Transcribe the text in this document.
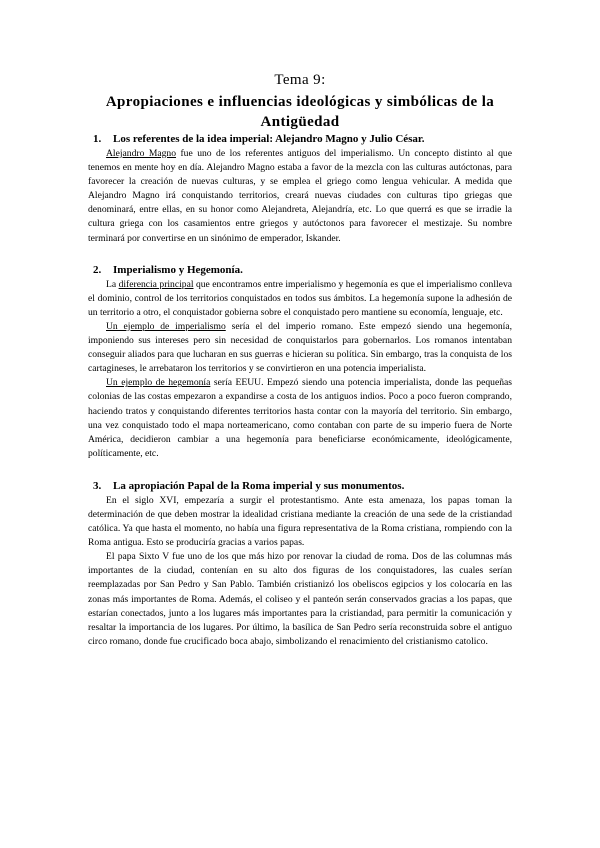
Tema 9:

Apropiaciones e influencias ideológicas y simbólicas de la

Antigüedad

1.	Los referentes de la idea imperial: Alejandro Magno y Julio César.

Alejandro Magno fue uno de los referentes antiguos del imperialismo. Un concepto distinto al que tenemos en mente hoy en día. Alejandro Magno estaba a favor de la mezcla con las culturas autóctonas, para favorecer la creación de nuevas culturas, y se emplea el griego como lengua vehicular. A medida que Alejandro Magno irá conquistando territorios, creará nuevas ciudades con culturas tipo griegas que denominará, entre ellas, en su honor como Alejandreta, Alejandría, etc. Lo que querrá es que se irradie la cultura griega con los casamientos entre griegos y autóctonos para favorecer el mestizaje. Su nombre terminará por convertirse en un sinónimo de emperador, Iskander.

2.	Imperialismo y Hegemonía.

La diferencia principal que encontramos entre imperialismo y hegemonía es que el imperialismo conlleva el dominio, control de los territorios conquistados en todos sus ámbitos. La hegemonía supone la adhesión de un territorio a otro, el conquistador gobierna sobre el conquistado pero mantiene su economía, lenguaje, etc.

Un ejemplo de imperialismo sería el del imperio romano. Este empezó siendo una hegemonía, imponiendo sus intereses pero sin necesidad de conquistarlos para gobernarlos. Los romanos intentaban conseguir aliados para que lucharan en sus guerras e hicieran su política. Sin embargo, tras la conquista de los cartagineses, le arrebataron los territorios y se convirtieron en una potencia imperialista.

Un ejemplo de hegemonía sería EEUU. Empezó siendo una potencia imperialista, donde las pequeñas colonias de las costas empezaron a expandirse a costa de los antiguos indios. Poco a poco fueron comprando, haciendo tratos y conquistando diferentes territorios hasta contar con la mayoría del territorio. Sin embargo, una vez conquistado todo el mapa norteamericano, como contaban con parte de su imperio fuera de Norte América, decidieron cambiar a una hegemonía para beneficiarse económicamente, ideológicamente, políticamente, etc.

3.	La apropiación Papal de la Roma imperial y sus monumentos.

En el siglo XVI, empezaría a surgir el protestantismo. Ante esta amenaza, los papas toman la determinación de que deben mostrar la idealidad cristiana mediante la creación de una sede de la cristiandad católica. Ya que hasta el momento, no había una figura representativa de la Roma cristiana, rompiendo con la Roma antigua. Esto se produciría gracias a varios papas.

El papa Sixto V fue uno de los que más hizo por renovar la ciudad de roma. Dos de las columnas más importantes de la ciudad, contenían en su alto dos figuras de los conquistadores, las cuales serían reemplazadas por San Pedro y San Pablo. También cristianizó los obeliscos egipcios y los colocaría en las zonas más importantes de Roma. Además, el coliseo y el panteón serán conservados gracias a los papas, que estarían conectados, junto a los lugares más importantes para la cristiandad, para permitir la comunicación y resaltar la importancia de los lugares. Por último, la basílica de San Pedro sería reconstruida sobre el antiguo circo romano, donde fue crucificado boca abajo, simbolizando el renacimiento del cristianismo catolico.
